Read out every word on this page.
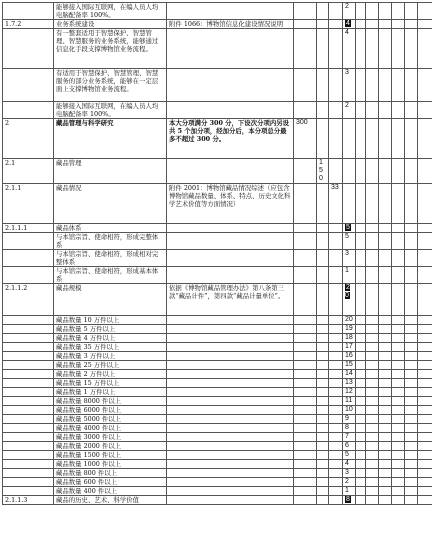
	能够接入国际互联网，在编人员人均电脑配备率 100%。					2						
1.7.2	业务系统建设	附件 1066：博物馆信息化建设情况说明				4						
	有一整套适用于智慧保护、智慧管理、智慧服务的业务系统，能够通过信息化手段支撑博物馆业务流程。					4						
	有适用于智慧保护、智慧管理、智慧服务的部分业务系统，能够在一定层面上支撑博物馆业务流程。					3						
	能够接入国际互联网，在编人员人均电脑配备率 100%。					2						
2	藏品管理与科学研究	本大分项满分 300 分，下设次分项内另设共 5 个加分项，经加分后，本分项总分最多不超过 300 分。	300									
2.1	藏品管理			150								
2.1.1	藏品情况	附件 2001：博物馆藏品情况综述（应包含博物馆藏品数量、体系、特点、历史文化科学艺术价值等方面情况）			33							
2.1.1.1	藏品体系					5						
	与本馆宗旨、使命相符，形成完整体系					5						
	与本馆宗旨、使命相符，形成相对完整体系					3						
	与本馆宗旨、使命相符，形成基本体系					1						
2.1.1.2	藏品规模	依据《博物馆藏品管理办法》第八条第三款“藏品计件”，第四款“藏品计量单位”。				20						
	藏品数量 10 万件以上					20						
	藏品数量 5 万件以上					19						
	藏品数量 4 万件以上					18						
	藏品数量 35 万件以上					17						
	藏品数量 3 万件以上					16						
	藏品数量 25 万件以上					15						
	藏品数量 2 万件以上					14						
	藏品数量 15 万件以上					13						
	藏品数量 1 万件以上					12						
	藏品数量 8000 件以上					11						
	藏品数量 6000 件以上					10						
	藏品数量 5000 件以上					9						
	藏品数量 4000 件以上					8						
	藏品数量 3000 件以上					7						
	藏品数量 2000 件以上					6						
	藏品数量 1500 件以上					5						
	藏品数量 1000 件以上					4						
	藏品数量 800 件以上					3						
	藏品数量 600 件以上					2						
	藏品数量 400 件以上					1						
2.1.1.3	藏品的历史、艺术、科学价值					8						
